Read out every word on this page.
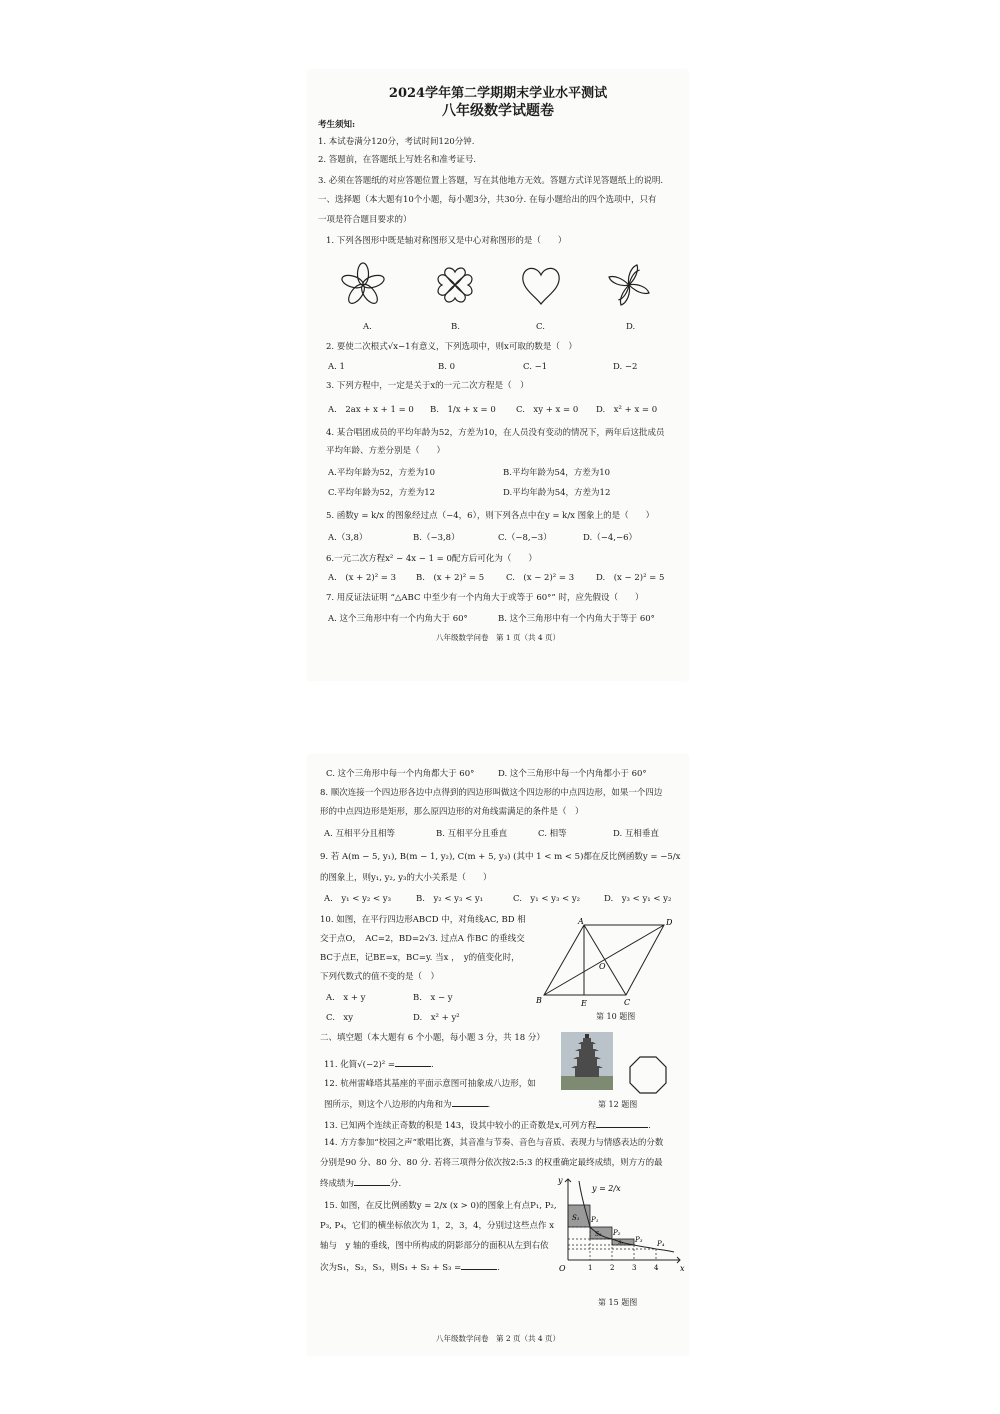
2024学年第二学期期末学业水平测试
八年级数学试题卷
考生须知:
1. 本试卷满分120分，考试时间120分钟.
2. 答题前，在答题纸上写姓名和准考证号.
3. 必须在答题纸的对应答题位置上答题，写在其他地方无效。答题方式详见答题纸上的说明.
一、选择题（本大题有10个小题，每小题3分，共30分. 在每小题给出的四个选项中，只有
一项是符合题目要求的）
1. 下列各图形中既是轴对称图形又是中心对称图形的是（　　）
A.	B.	C.	D.
2. 要使二次根式√x−1有意义，下列选项中，则x可取的数是（　）
A. 1	B. 0	C. −1	D. −2
3. 下列方程中，一定是关于x的一元二次方程是（　）
A.　2ax + x + 1 = 0 B.　1/x + x = 0 C.　xy + x = 0 D.　x² + x = 0
4. 某合唱团成员的平均年龄为52，方差为10，在人员没有变动的情况下，两年后这批成员
平均年龄、方差分别是（　　）
A.平均年龄为52，方差为10	B.平均年龄为54，方差为10
C.平均年龄为52，方差为12	D.平均年龄为54，方差为12
5. 函数y = k/x 的图象经过点（−4，6），则下列各点中在y = k/x 图象上的是（　　）
A.（3,8）	B.（−3,8）	C.（−8,−3）	D.（−4,−6）
6.一元二次方程x² − 4x − 1 = 0配方后可化为（　　）
A.　(x + 2)² = 3 B.　(x + 2)² = 5	C.　(x − 2)² = 3	D.　(x − 2)² = 5
7. 用反证法证明 “△ABC 中至少有一个内角大于或等于 60°” 时，应先假设（　　）
A. 这个三角形中有一个内角大于 60°	B. 这个三角形中有一个内角大于等于 60°
八年级数学问卷　第 1 页（共 4 页）
C. 这个三角形中每一个内角都大于 60°	D. 这个三角形中每一个内角都小于 60°
8. 顺次连接一个四边形各边中点得到的四边形叫做这个四边形的中点四边形，如果一个四边
形的中点四边形是矩形，那么原四边形的对角线需满足的条件是（　）
A. 互相平分且相等	B. 互相平分且垂直	C. 相等	D. 互相垂直
9. 若 A(m − 5, y₁), B(m − 1, y₂), C(m + 5, y₃) (其中 1 < m < 5)都在反比例函数y = −5/x
的图象上，则y₁, y₂, y₃的大小关系是（　　）
A.　y₁ < y₂ < y₃	B.　y₂ < y₃ < y₁	C.　y₁ < y₃ < y₂	D.　y₃ < y₁ < y₂
10. 如图，在平行四边形ABCD 中，对角线AC, BD 相
交于点O，　AC=2，BD=2√3. 过点A 作BC 的垂线交
BC于点E，记BE=x，BC=y. 当x ，　y的值变化时，
下列代数式的值不变的是（　）
A.　x + y	B.　x − y
C.　xy	D.　x² + y²
A	D
B	E	C
O
第 10 题图
二、填空题（本大题有 6 个小题，每小题 3 分，共 18 分）
11. 化简√(−2)² =	.
12. 杭州雷峰塔其基座的平面示意图可抽象成八边形，如
图所示，则这个八边形的内角和为	.	第 12 题图
13. 已知两个连续正奇数的积是 143，设其中较小的正奇数是x,可列方程	.
14. 方方参加“校园之声”歌唱比赛，其音准与节奏、音色与音质、表现力与情感表达的分数
分别是90 分、80 分、80 分. 若将三项得分依次按2:5:3 的权重确定最终成绩，则方方的最
终成绩为	分.
15. 如图，在反比例函数y = 2/x (x > 0)的图象上有点P₁, P₂,
P₃, P₄，它们的横坐标依次为 1，2，3，4，分别过这些点作 x
轴与　y 轴的垂线，图中所构成的阴影部分的面积从左到右依
次为S₁，S₂，S₃，则S₁ + S₂ + S₃ =	.
y
x
O
y = 2/x
P₁
P₂
P₃ P₄
S₁
S₂
S₃
1	2	3	4
第 15 题图
八年级数学问卷　第 2 页（共 4 页）
